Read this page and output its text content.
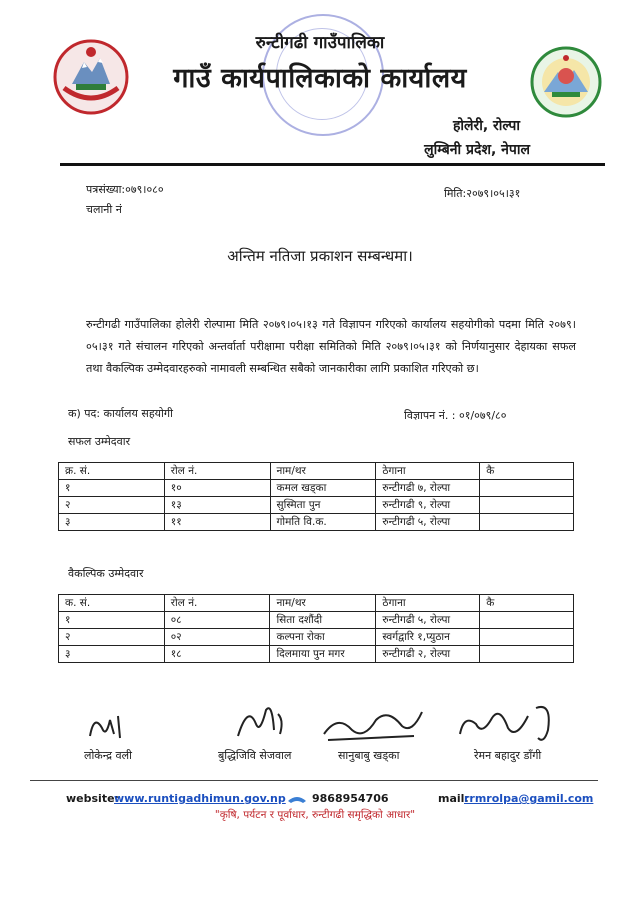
रुन्टीगढी गाउँपालिका
गाउँ कार्यपालिकाको कार्यालय
होलेरी, रोल्पा
लुम्बिनी प्रदेश, नेपाल
पत्रसंख्या:०७९।०८०
चलानी नं
मिति:२०७९।०५।३१
अन्तिम नतिजा प्रकाशन सम्बन्धमा।
रुन्टीगढी गाउँपालिका होलेरी रोल्पामा मिति २०७९।०५।१३ गते विज्ञापन गरिएको कार्यालय सहयोगीको पदमा मिति २०७९।०५।३१ गते संचालन गरिएको अन्तर्वार्ता परीक्षामा परीक्षा समितिको मिति २०७९।०५।३१ को निर्णयानुसार देहायका सफल तथा वैकल्पिक उम्मेदवारहरुको नामावली सम्बन्धित सबैको जानकारीका लागि प्रकाशित गरिएको छ।
क) पद: कार्यालय सहयोगी	विज्ञापन नं. : ०१/०७९/८०
सफल उम्मेदवार
क्र. सं.	रोल नं.	नाम/थर	ठेगाना	कै
१	१०	कमल खड्का	रुन्टीगढी ७, रोल्पा	
२	१३	सुस्मिता पुन	रुन्टीगढी ९, रोल्पा	
३	११	गोमति वि.क.	रुन्टीगढी ५, रोल्पा	
वैकल्पिक उम्मेदवार
क. सं.	रोल नं.	नाम/थर	ठेगाना	कै
१	०८	सिता दशौंदी	रुन्टीगढी ५, रोल्पा	
२	०२	कल्पना रोका	स्वर्गद्वारि १,प्युठान	
३	१८	दिलमाया पुन मगर	रुन्टीगढी २, रोल्पा	
लोकेन्द्र वली	बुद्धिजिवि सेजवाल	सानुबाबु खड्का	रेमन बहादुर डाँगी
website:
www.runtigadhimun.gov.np 9868954706	mail:
rrmrolpa@gamil.com
"कृषि, पर्यटन र पूर्वाधार, रुन्टीगढी समृद्धिको आधार"
